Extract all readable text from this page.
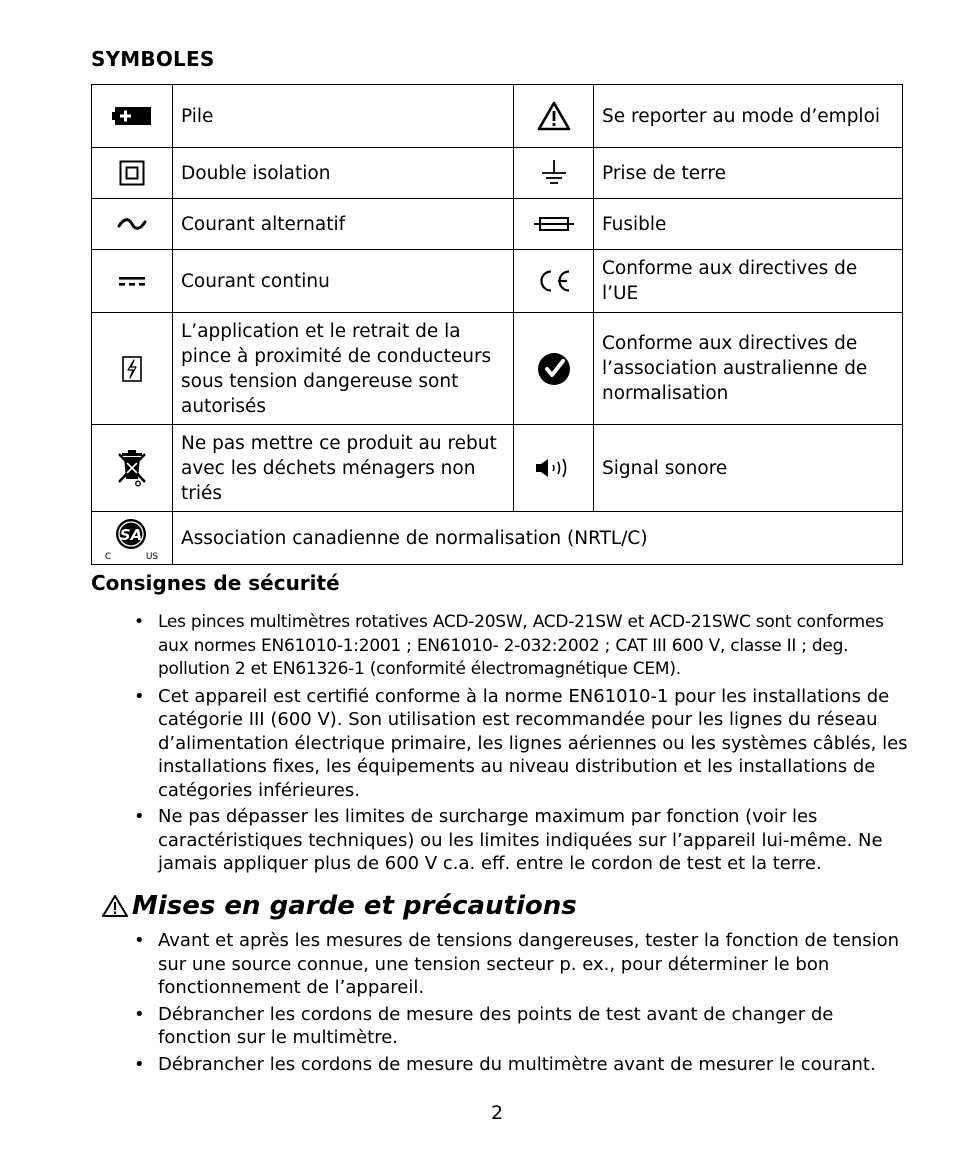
SYMBOLES
	Pile		Se reporter au mode d’emploi

	Double isolation		Prise de terre

	Courant alternatif		Fusible

	Courant continu		Conforme aux directives de l’UE

	L’application et le retrait de la pince à proximité de conducteurs sous tension dangereuse sont autorisés		Conforme aux directives de l’association australienne de normalisation

	Ne pas mettre ce produit au rebut avec les déchets ménagers non triés		Signal sonore

SA
C US	Association canadienne de normalisation (NRTL/C)		
Consignes de sécurité
• Les pinces multimètres rotatives ACD-20SW, ACD-21SW et ACD-21SWC sont conformes aux normes EN61010-1:2001 ; EN61010- 2-032:2002 ; CAT III 600 V, classe II ; deg. pollution 2 et EN61326-1 (conformité électromagnétique CEM).
• Cet appareil est certifié conforme à la norme EN61010-1 pour les installations de catégorie III (600 V). Son utilisation est recommandée pour les lignes du réseau d’alimentation électrique primaire, les lignes aériennes ou les systèmes câblés, les installations fixes, les équipements au niveau distribution et les installations de catégories inférieures.
• Ne pas dépasser les limites de surcharge maximum par fonction (voir les caractéristiques techniques) ou les limites indiquées sur l’appareil lui-même. Ne jamais appliquer plus de 600 V c.a. eff. entre le cordon de test et la terre.
Mises en garde et précautions
• Avant et après les mesures de tensions dangereuses, tester la fonction de tension sur une source connue, une tension secteur p. ex., pour déterminer le bon fonctionnement de l’appareil.
• Débrancher les cordons de mesure des points de test avant de changer de fonction sur le multimètre.
• Débrancher les cordons de mesure du multimètre avant de mesurer le courant.
2
